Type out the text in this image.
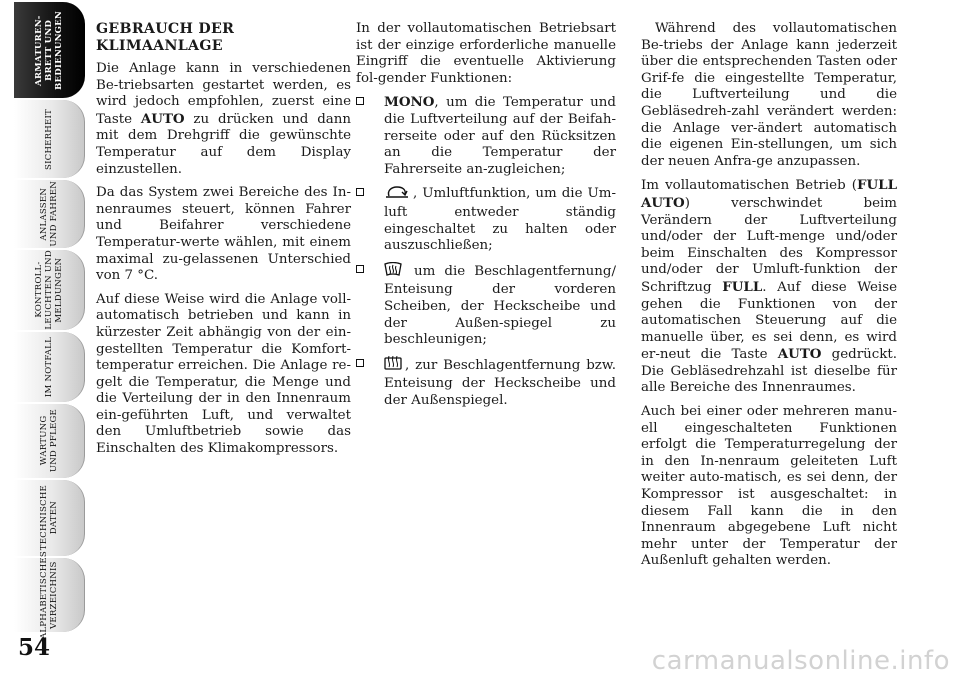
ARMATUREN-
BRETT UND
BEDIENUNGEN
SICHERHEIT
ANLASSEN
UND FAHREN
KONTROLL-
LEUCHTEN UND
MELDUNGEN
IM NOTFALL
WARTUNG
UND PFLEGE
TECHNISCHE
DATEN
ALPHABETISCHES
VERZEICHNIS
54
GEBRAUCH DER KLIMAANLAGE

Die Anlage kann in verschiedenen Be-triebsarten gestartet werden, es wird jedoch empfohlen, zuerst eine Taste AUTO zu drücken und dann mit dem Drehgriff die gewünschte Temperatur auf dem Display einzustellen.

Da das System zwei Bereiche des In-nenraumes steuert, können Fahrer und Beifahrer verschiedene Temperatur-werte wählen, mit einem maximal zu-gelassenen Unterschied von 7 °C.

Auf diese Weise wird die Anlage voll-automatisch betrieben und kann in kürzester Zeit abhängig von der ein-gestellten Temperatur die Komfort-temperatur erreichen. Die Anlage re-gelt die Temperatur, die Menge und die Verteilung der in den Innenraum ein-geführten Luft, und verwaltet den Umluftbetrieb sowie das Einschalten des Klimakompressors.

In der vollautomatischen Betriebsart ist der einzige erforderliche manuelle Eingriff die eventuelle Aktivierung fol-gender Funktionen:

MONO, um die Temperatur und die Luftverteilung auf der Beifah-rerseite oder auf den Rücksitzen an die Temperatur der Fahrerseite an-zugleichen;
, Umluftfunktion, um die Um-luft entweder ständig eingeschaltet zu halten oder auszuschließen;
um die Beschlagentfernung/ Enteisung der vorderen Scheiben, der Heckscheibe und der Außen-spiegel zu beschleunigen;
, zur Beschlagentfernung bzw. Enteisung der Heckscheibe und der Außenspiegel.

Während des vollautomatischen Be-triebs der Anlage kann jederzeit über die entsprechenden Tasten oder Grif-fe die eingestellte Temperatur, die Luftverteilung und die Gebläsedreh-zahl verändert werden: die Anlage ver-ändert automatisch die eigenen Ein-stellungen, um sich der neuen Anfra-ge anzupassen.

Im vollautomatischen Betrieb (FULL AUTO) verschwindet beim Verändern der Luftverteilung und/oder der Luft-menge und/oder beim Einschalten des Kompressor und/oder der Umluft-funktion der Schriftzug FULL. Auf diese Weise gehen die Funktionen von der automatischen Steuerung auf die manuelle über, es sei denn, es wird er-neut die Taste AUTO gedrückt. Die Gebläsedrehzahl ist dieselbe für alle Bereiche des Innenraumes.

Auch bei einer oder mehreren manu-ell eingeschalteten Funktionen erfolgt die Temperaturregelung der in den In-nenraum geleiteten Luft weiter auto-matisch, es sei denn, der Kompressor ist ausgeschaltet: in diesem Fall kann die in den Innenraum abgegebene Luft nicht mehr unter der Temperatur der Außenluft gehalten werden.

carmanualsonline.info
